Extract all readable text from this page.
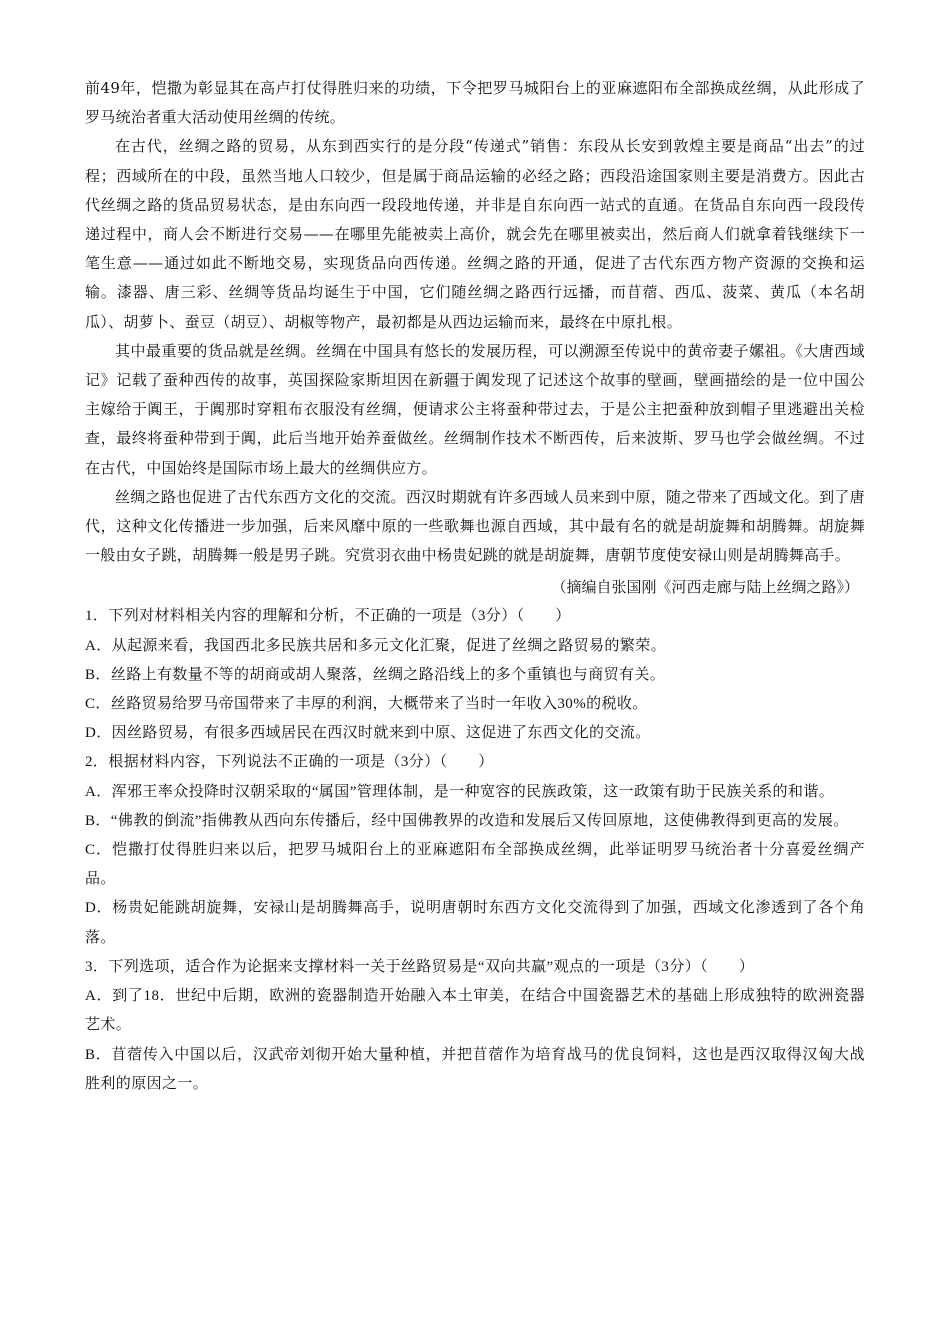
前49年，恺撒为彰显其在高卢打仗得胜归来的功绩，下令把罗马城阳台上的亚麻遮阳布全部换成丝绸，从此形成了罗马统治者重大活动使用丝绸的传统。

在古代，丝绸之路的贸易，从东到西实行的是分段“传递式”销售：东段从长安到敦煌主要是商品“出去”的过程；西域所在的中段，虽然当地人口较少，但是属于商品运输的必经之路；西段沿途国家则主要是消费方。因此古代丝绸之路的货品贸易状态，是由东向西一段段地传递，并非是自东向西一站式的直通。在货品自东向西一段段传递过程中，商人会不断进行交易——在哪里先能被卖上高价，就会先在哪里被卖出，然后商人们就拿着钱继续下一笔生意——通过如此不断地交易，实现货品向西传递。丝绸之路的开通，促进了古代东西方物产资源的交换和运输。漆器、唐三彩、丝绸等货品均诞生于中国，它们随丝绸之路西行远播，而苜蓿、西瓜、菠菜、黄瓜（本名胡瓜）、胡萝卜、蚕豆（胡豆）、胡椒等物产，最初都是从西边运输而来，最终在中原扎根。

其中最重要的货品就是丝绸。丝绸在中国具有悠长的发展历程，可以溯源至传说中的黄帝妻子嫘祖。《大唐西域记》记载了蚕种西传的故事，英国探险家斯坦因在新疆于阗发现了记述这个故事的壁画，壁画描绘的是一位中国公主嫁给于阗王，于阗那时穿粗布衣服没有丝绸，便请求公主将蚕种带过去，于是公主把蚕种放到帽子里逃避出关检查，最终将蚕种带到于阗，此后当地开始养蚕做丝。丝绸制作技术不断西传，后来波斯、罗马也学会做丝绸。不过在古代，中国始终是国际市场上最大的丝绸供应方。

丝绸之路也促进了古代东西方文化的交流。西汉时期就有许多西域人员来到中原，随之带来了西域文化。到了唐代，这种文化传播进一步加强，后来风靡中原的一些歌舞也源自西域，其中最有名的就是胡旋舞和胡腾舞。胡旋舞一般由女子跳，胡腾舞一般是男子跳。究赏羽衣曲中杨贵妃跳的就是胡旋舞，唐朝节度使安禄山则是胡腾舞高手。

（摘编自张国刚《河西走廊与陆上丝绸之路》）

1．下列对材料相关内容的理解和分析，不正确的一项是（3分）（　　）

A．从起源来看，我国西北多民族共居和多元文化汇聚，促进了丝绸之路贸易的繁荣。

B．丝路上有数量不等的胡商或胡人聚落，丝绸之路沿线上的多个重镇也与商贸有关。

C．丝路贸易给罗马帝国带来了丰厚的利润，大概带来了当时一年收入30%的税收。

D．因丝路贸易，有很多西域居民在西汉时就来到中原、这促进了东西文化的交流。

2．根据材料内容，下列说法不正确的一项是（3分）（　　）

A．浑邪王率众投降时汉朝采取的“属国”管理体制，是一种宽容的民族政策，这一政策有助于民族关系的和谐。

B．“佛教的倒流”指佛教从西向东传播后，经中国佛教界的改造和发展后又传回原地，这使佛教得到更高的发展。

C．恺撒打仗得胜归来以后，把罗马城阳台上的亚麻遮阳布全部换成丝绸，此举证明罗马统治者十分喜爱丝绸产品。

D．杨贵妃能跳胡旋舞，安禄山是胡腾舞高手，说明唐朝时东西方文化交流得到了加强，西域文化渗透到了各个角落。

3．下列选项，适合作为论据来支撑材料一关于丝路贸易是“双向共赢”观点的一项是（3分）（　　）

A．到了18．世纪中后期，欧洲的瓷器制造开始融入本土审美，在结合中国瓷器艺术的基础上形成独特的欧洲瓷器艺术。

B．苜蓿传入中国以后，汉武帝刘彻开始大量种植，并把苜蓿作为培育战马的优良饲料，这也是西汉取得汉匈大战胜利的原因之一。
